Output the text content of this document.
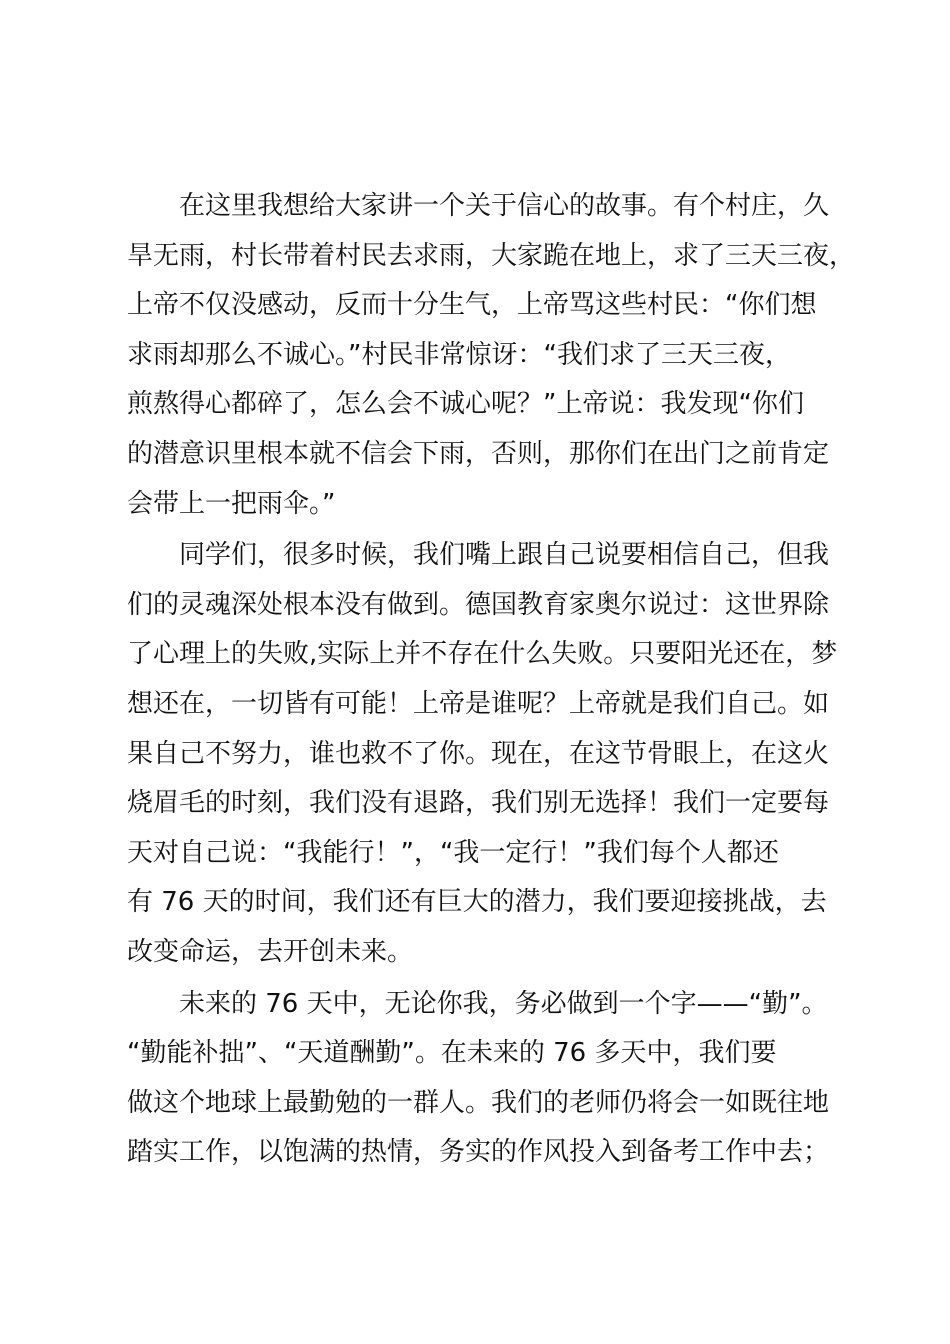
在这里我想给大家讲一个关于信心的故事。有个村庄，久
旱无雨，村长带着村民去求雨，大家跪在地上，求了三天三夜，
上帝不仅没感动，反而十分生气，上帝骂这些村民：“你们想
求雨却那么不诚心。”村民非常惊讶：“我们求了三天三夜，
煎熬得心都碎了，怎么会不诚心呢？”上帝说：我发现“你们
的潜意识里根本就不信会下雨，否则，那你们在出门之前肯定
会带上一把雨伞。”
同学们，很多时候，我们嘴上跟自己说要相信自己，但我
们的灵魂深处根本没有做到。德国教育家奥尔说过：这世界除
了心理上的失败,实际上并不存在什么失败。只要阳光还在，梦
想还在，一切皆有可能！上帝是谁呢？上帝就是我们自己。如
果自己不努力，谁也救不了你。现在，在这节骨眼上，在这火
烧眉毛的时刻，我们没有退路，我们别无选择！我们一定要每
天对自己说：“我能行！”，“我一定行！”我们每个人都还
有 76 天的时间，我们还有巨大的潜力，我们要迎接挑战，去
改变命运，去开创未来。
未来的 76 天中，无论你我，务必做到一个字——“勤”。
“勤能补拙”、“天道酬勤”。在未来的 76 多天中，我们要
做这个地球上最勤勉的一群人。我们的老师仍将会一如既往地
踏实工作，以饱满的热情，务实的作风投入到备考工作中去；
